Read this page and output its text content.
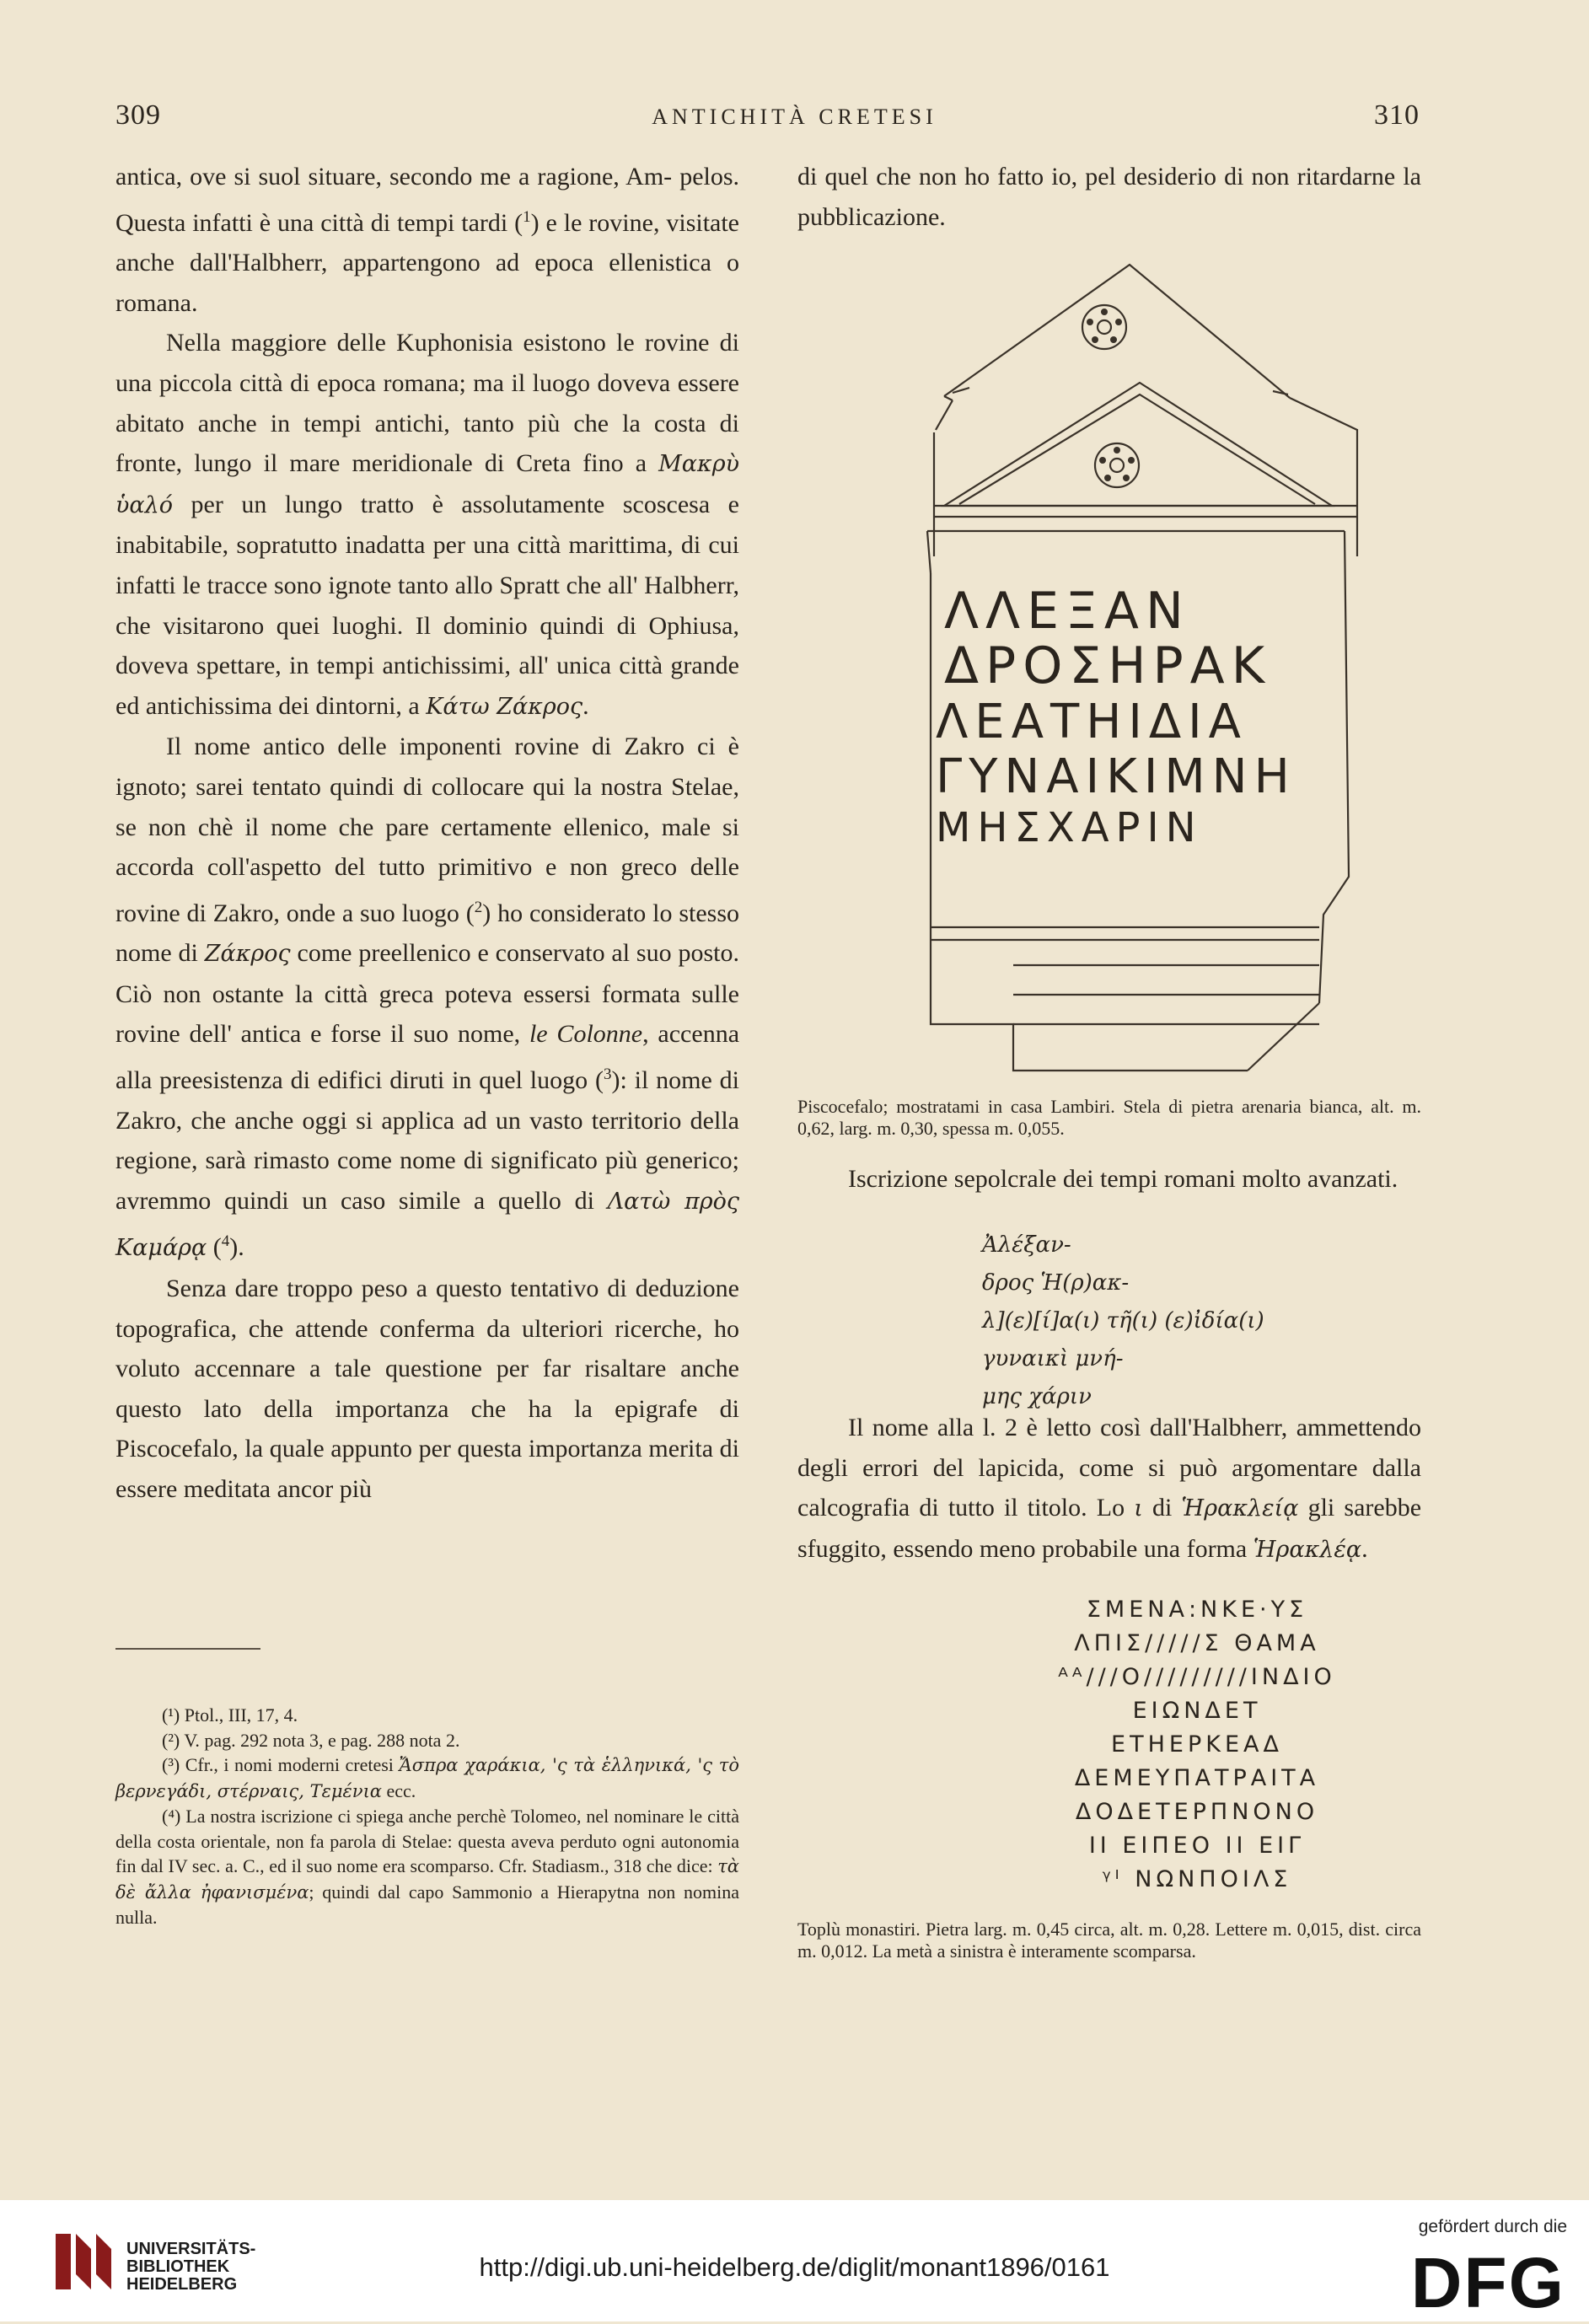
309	ANTICHITÀ CRETESI	310

antica, ove si suol situare, secondo me a ragione, Am- pelos. Questa infatti è una città di tempi tardi ($^1$) e le rovine, visitate anche dall'Halbherr, appartengono ad epoca ellenistica o romana.

Nella maggiore delle Kuphonisia esistono le rovine di una piccola città di epoca romana; ma il luogo doveva essere abitato anche in tempi antichi, tanto più che la costa di fronte, lungo il mare meridionale di Creta fino a Μακρὺ ὑαλό per un lungo tratto è assolutamente scoscesa e inabitabile, sopratutto inadatta per una città marittima, di cui infatti le tracce sono ignote tanto allo Spratt che all' Halbherr, che visitarono quei luoghi. Il dominio quindi di Ophiusa, doveva spettare, in tempi antichissimi, all' unica città grande ed antichissima dei dintorni, a Κάτω Ζάκρος.

Il nome antico delle imponenti rovine di Zakro ci è ignoto; sarei tentato quindi di collocare qui la nostra Stelae, se non chè il nome che pare certamente ellenico, male si accorda coll'aspetto del tutto primitivo e non greco delle rovine di Zakro, onde a suo luogo ($^2$) ho considerato lo stesso nome di Ζάκρος come preellenico e conservato al suo posto. Ciò non ostante la città greca poteva essersi formata sulle rovine dell' antica e forse il suo nome, le Colonne, accenna alla preesistenza di edifici diruti in quel luogo ($^3$): il nome di Zakro, che anche oggi si applica ad un vasto territorio della regione, sarà rimasto come nome di significato più generico; avremmo quindi un caso simile a quello di Λατὼ πρὸς Καμάρᾳ ($^4$).

Senza dare troppo peso a questo tentativo di deduzione topografica, che attende conferma da ulteriori ricerche, ho voluto accennare a tale questione per far risaltare anche questo lato della importanza che ha la epigrafe di Piscocefalo, la quale appunto per questa importanza merita di essere meditata ancor più

(¹) Ptol., III, 17, 4.

(²) V. pag. 292 nota 3, e pag. 288 nota 2.

(³) Cfr., i nomi moderni cretesi Ἄσπρα χαράκια, 'ς τὰ ἑλληνικά, 'ς τὸ βερνεγάδι, στέρναις, Τεμένια ecc.

(⁴) La nostra iscrizione ci spiega anche perchè Tolomeo, nel nominare le città della costa orientale, non fa parola di Stelae: questa aveva perduto ogni autonomia fin dal IV sec. a. C., ed il suo nome era scomparso. Cfr. Stadiasm., 318 che dice: τὰ δὲ ἄλλα ἠφανισμένα; quindi dal capo Sammonio a Hierapytna non nomina nulla.

di quel che non ho fatto io, pel desiderio di non ritardarne la pubblicazione.

ΛΛΕΞΑΝ
ΔΡΟΣΗΡΑΚ
ΛΕΑΤΗΙΔΙΑ
ΓΥΝΑΙΚΙΜΝΗ
ΜΗΣΧΑΡΙΝ
Piscocefalo; mostratami in casa Lambiri. Stela di pietra arenaria bianca, alt. m. 0,62, larg. m. 0,30, spessa m. 0,055.

Iscrizione sepolcrale dei tempi romani molto avanzati.

Ἀλέξαν-
δρος Ἡ(ρ)ακ-
λ](ε)[ί]α(ι) τῆ(ι) (ε)ἰδία(ι)
γυναικὶ μνή-
μης χάριν

Il nome alla l. 2 è letto così dall'Halbherr, ammettendo degli errori del lapicida, come si può argomentare dalla calcografia di tutto il titolo. Lo ι di Ἡρακλείᾳ gli sarebbe sfuggito, essendo meno probabile una forma Ἡρακλέᾳ.

ΣΜΕΝΑ:ΝΚΕ·ΥΣ
ΛΠΙΣ/////Σ ΘΑΜΑ
ᴬᴬ///Ο/////////ΙΝΔΙΟ
ΕΙΩΝΔΕΤ
ΕΤΗΕΡΚΕΑΔ
ΔΕΜΕΥΠΑΤΡΑΙΤΑ
ΔΟΔΕΤΕΡΠΝΟΝΟ
ΙΙ ΕΙΠΕΟ ΙΙ ΕΙΓ
ᵞᴵ ΝΩΝΠΟΙΛΣ
Toplù monastiri. Pietra larg. m. 0,45 circa, alt. m. 0,28. Lettere m. 0,015, dist. circa m. 0,012. La metà a sinistra è interamente scomparsa.
UNIVERSITÄTS-
BIBLIOTHEK
HEIDELBERG
http://digi.ub.uni-heidelberg.de/diglit/monant1896/0161
gefördert durch die
DFG
